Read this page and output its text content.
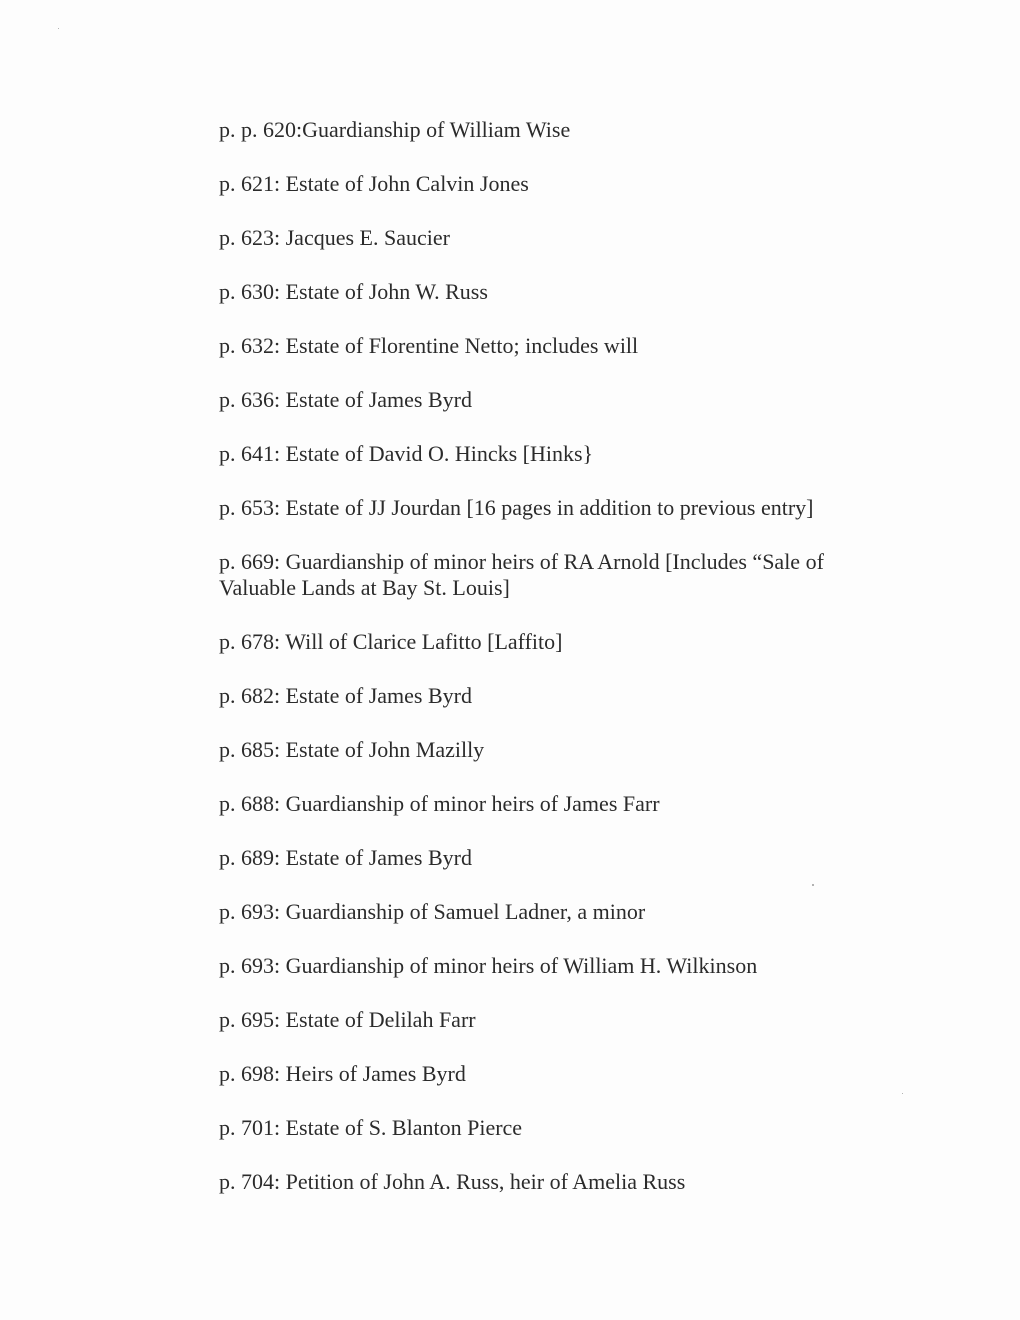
p. p. 620:Guardianship of William Wise
p. 621: Estate of John Calvin Jones
p. 623: Jacques E. Saucier
p. 630: Estate of John W. Russ
p. 632: Estate of Florentine Netto; includes will
p. 636: Estate of James Byrd
p. 641: Estate of David O. Hincks [Hinks}
p. 653: Estate of JJ Jourdan [16 pages in addition to previous entry]
p. 669: Guardianship of minor heirs of RA Arnold [Includes “Sale of Valuable Lands at Bay St. Louis]
p. 678: Will of Clarice Lafitto [Laffito]
p. 682: Estate of James Byrd
p. 685: Estate of John Mazilly
p. 688: Guardianship of minor heirs of James Farr
p. 689: Estate of James Byrd
p. 693: Guardianship of Samuel Ladner, a minor
p. 693: Guardianship of minor heirs of William H. Wilkinson
p. 695: Estate of Delilah Farr
p. 698: Heirs of James Byrd
p. 701: Estate of S. Blanton Pierce
p. 704: Petition of John A. Russ, heir of Amelia Russ
